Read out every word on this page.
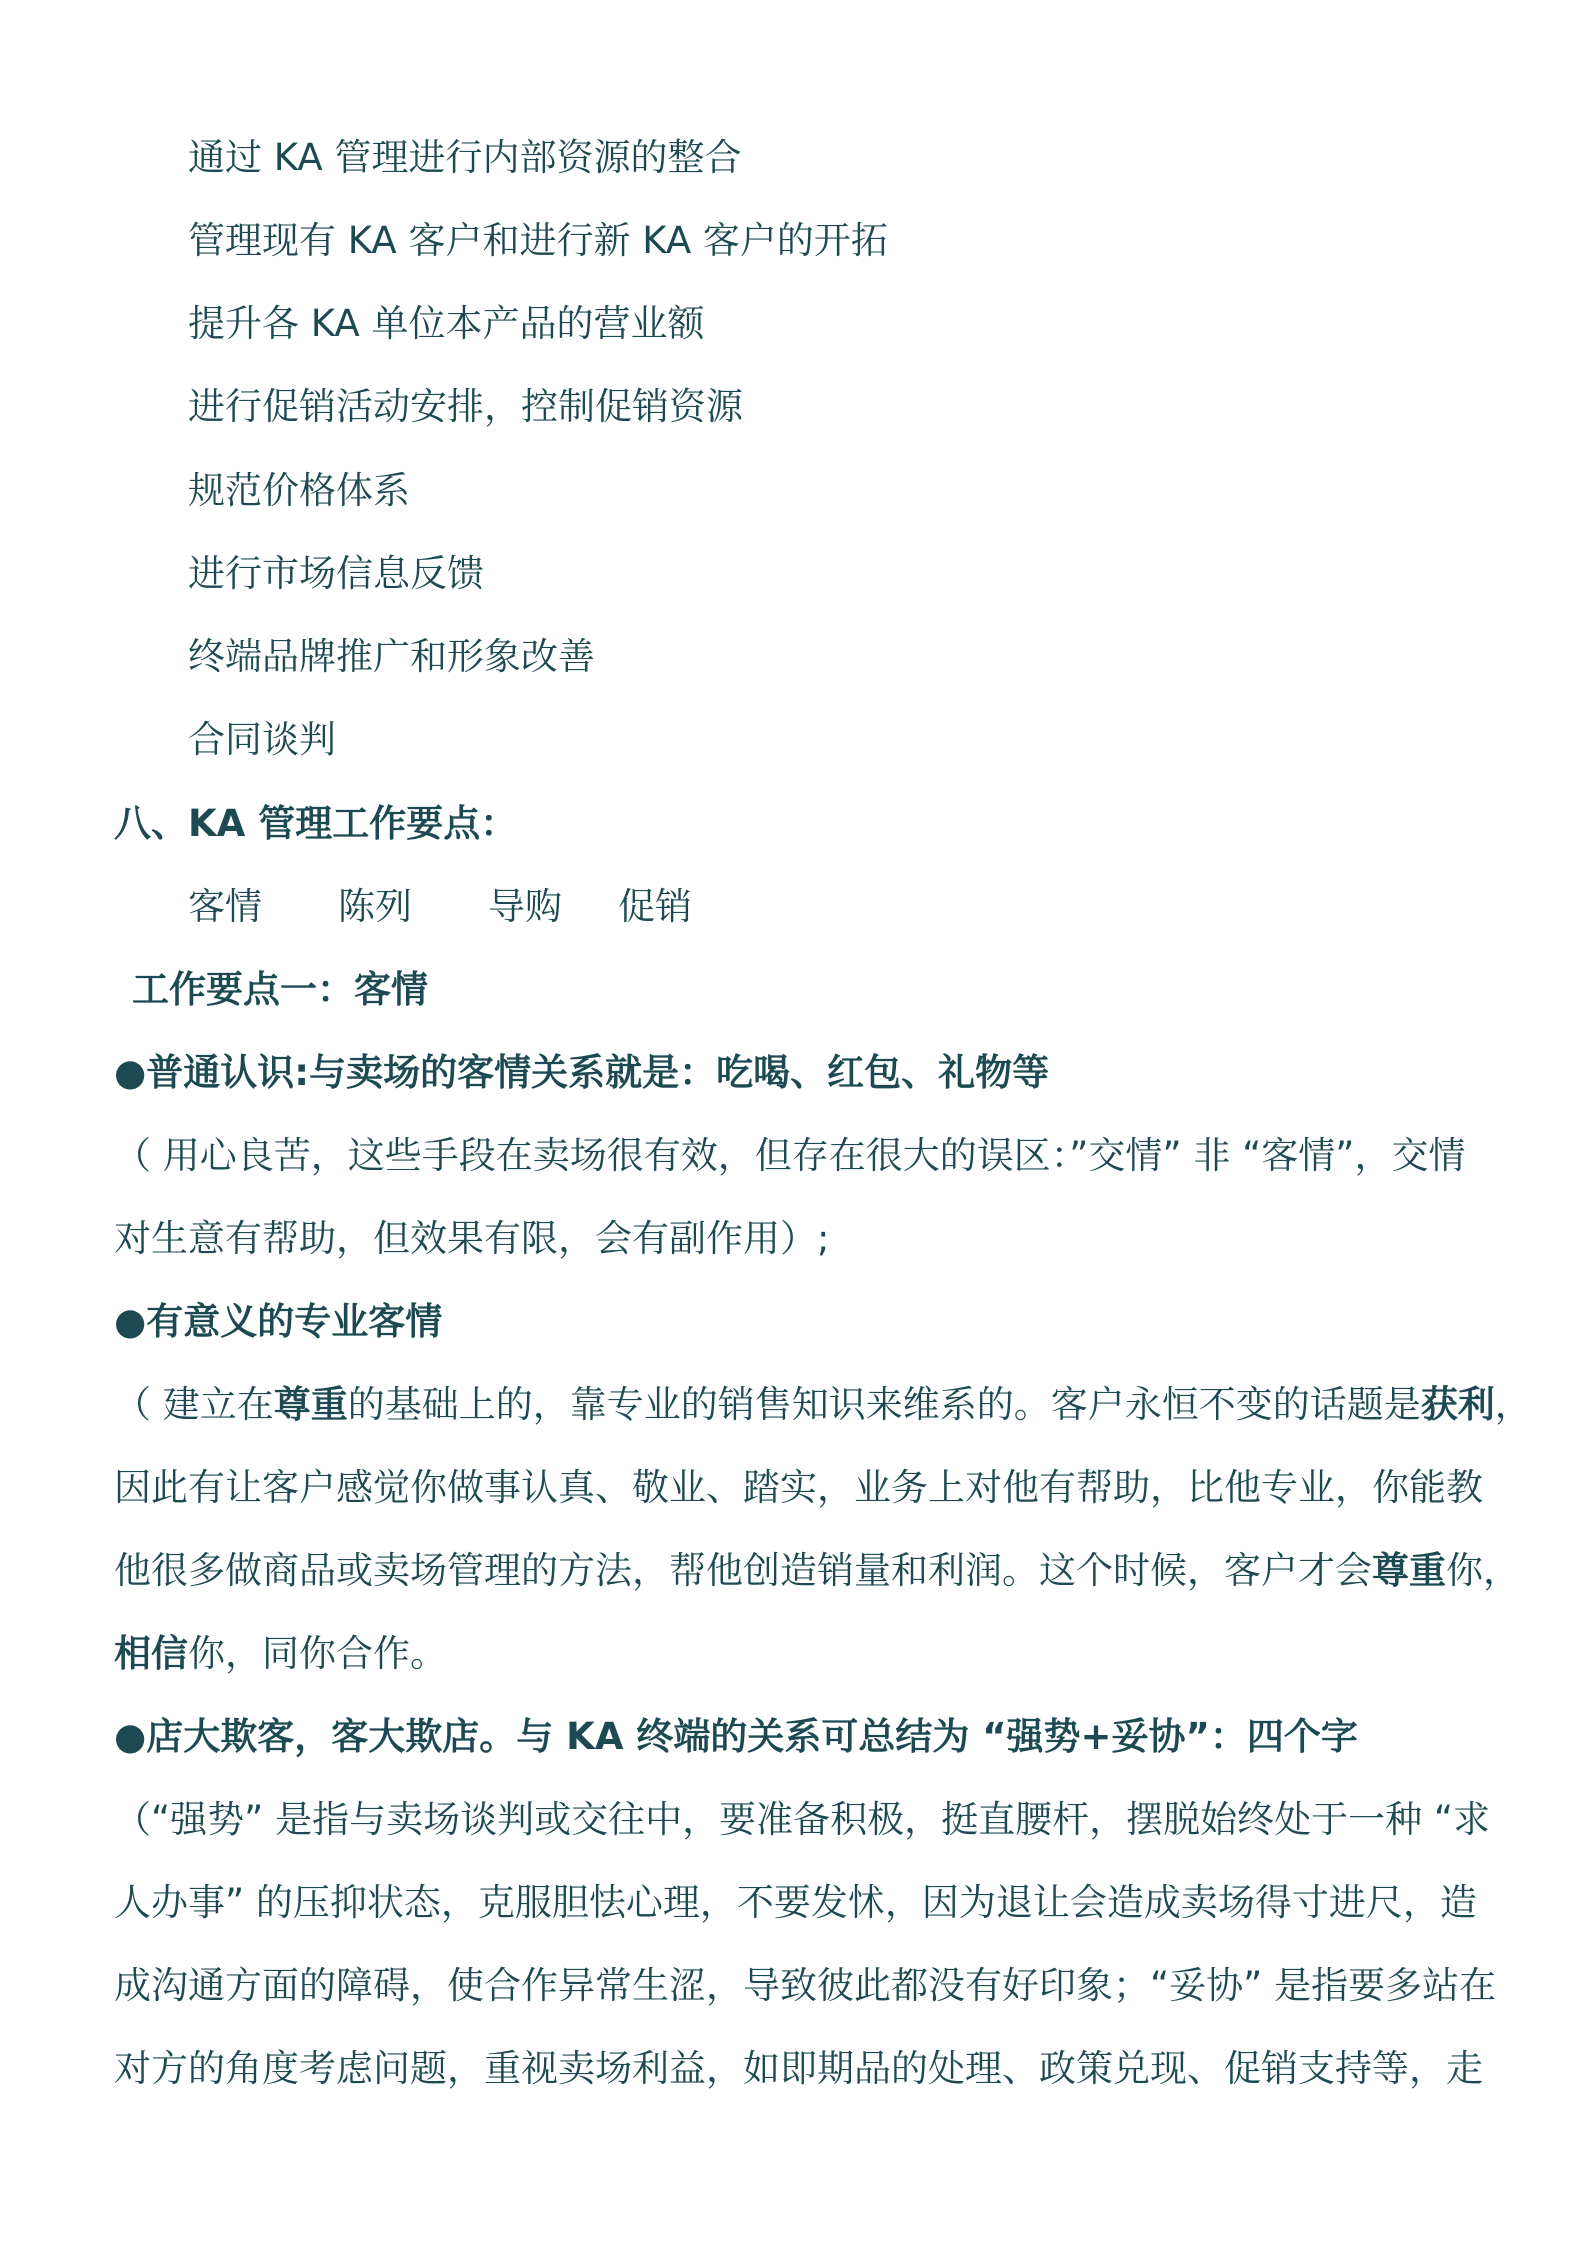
通过 KA 管理进行内部资源的整合
管理现有 KA 客户和进行新 KA 客户的开拓
提升各 KA 单位本产品的营业额
进行促销活动安排，控制促销资源
规范价格体系
进行市场信息反馈
终端品牌推广和形象改善
合同谈判
八、KA 管理工作要点：
客情 陈列 导购 促销
工作要点一：客情
●普通认识:与卖场的客情关系就是：吃喝、红包、礼物等
（ 用心良苦，这些手段在卖场很有效，但存在很大的误区：”交情” 非 “客情”，交情
对生意有帮助，但效果有限，会有副作用）;
●有意义的专业客情
（ 建立在尊重的基础上的，靠专业的销售知识来维系的。客户永恒不变的话题是获利，
因此有让客户感觉你做事认真、敬业、踏实，业务上对他有帮助，比他专业，你能教
他很多做商品或卖场管理的方法，帮他创造销量和利润。这个时候，客户才会尊重你，
相信你，同你合作。
●店大欺客，客大欺店。与 KA 终端的关系可总结为 “强势+妥协”：四个字
（“强势” 是指与卖场谈判或交往中，要准备积极，挺直腰杆，摆脱始终处于一种 “求
人办事” 的压抑状态，克服胆怯心理，不要发怵，因为退让会造成卖场得寸进尺，造
成沟通方面的障碍，使合作异常生涩，导致彼此都没有好印象；“妥协” 是指要多站在
对方的角度考虑问题，重视卖场利益，如即期品的处理、政策兑现、促销支持等，走
